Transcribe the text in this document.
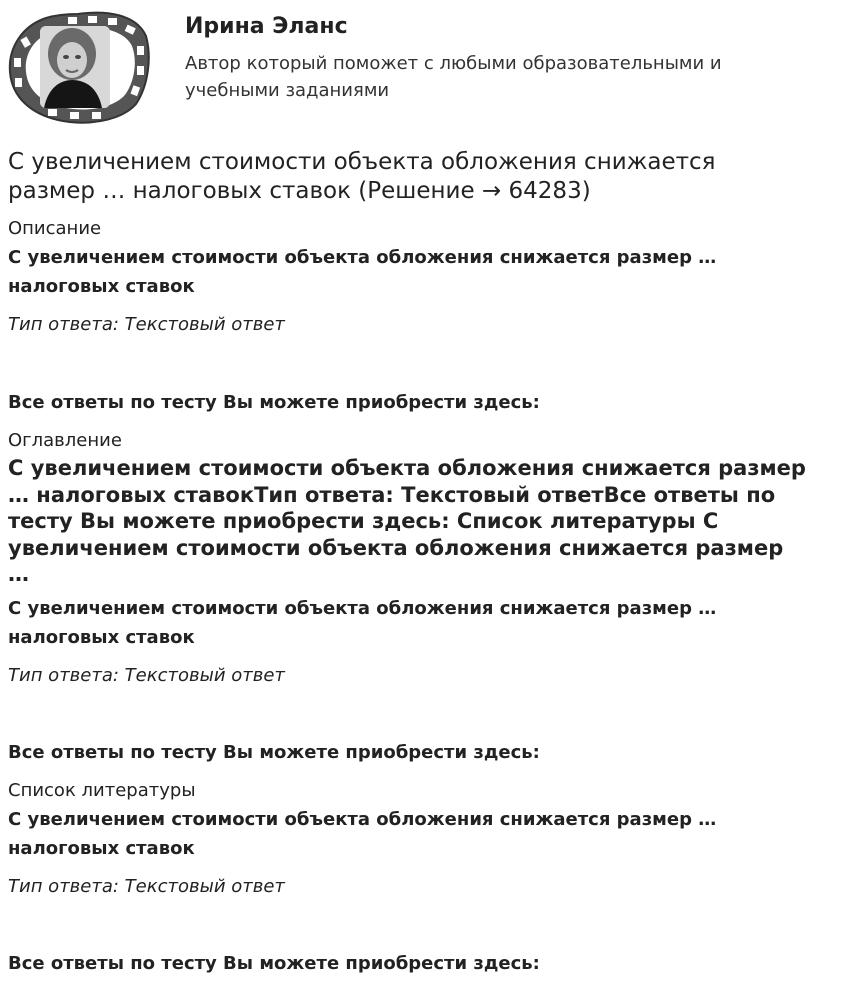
Ирина Эланс

Автор который поможет с любыми образовательными и учебными заданиями

С увеличением стоимости объекта обложения снижается размер … налоговых ставок (Решение → 64283)
Описание

С увеличением стоимости объекта обложения снижается размер … налоговых ставок

Тип ответа: Текстовый ответ

Все ответы по тесту Вы можете приобрести здесь:

Оглавление

С увеличением стоимости объекта обложения снижается размер … налоговых ставокТип ответа: Текстовый ответВсе ответы по тесту Вы можете приобрести здесь: Список литературы С увеличением стоимости объекта обложения снижается размер …

С увеличением стоимости объекта обложения снижается размер … налоговых ставок

Тип ответа: Текстовый ответ

Все ответы по тесту Вы можете приобрести здесь:

Список литературы

С увеличением стоимости объекта обложения снижается размер … налоговых ставок

Тип ответа: Текстовый ответ

Все ответы по тесту Вы можете приобрести здесь:
